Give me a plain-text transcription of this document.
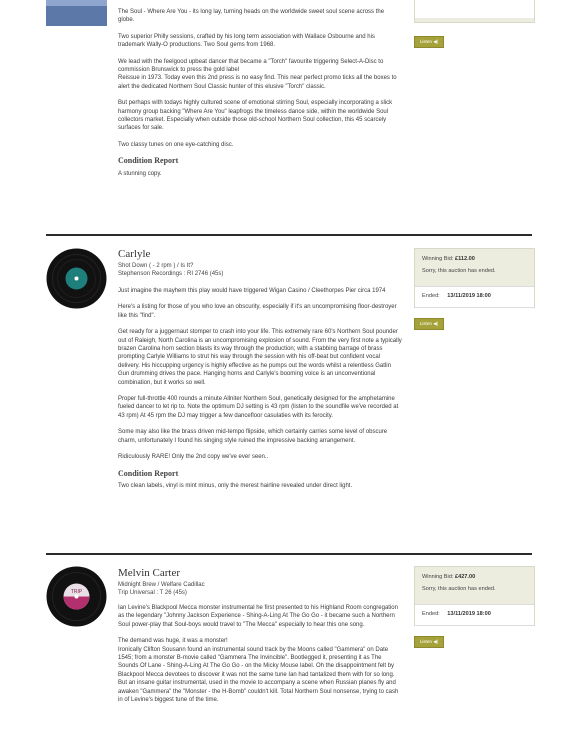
The Soul - Where Are You - its long lay, turning heads on the worldwide sweet soul scene across the globe.

Two superior Philly sessions, crafted by his long term association with Wallace Osbourne and his trademark Wally-O productions. Two Soul gems from 1968.

We lead with the feelgood upbeat dancer that became a "Torch" favourite triggering Select-A-Disc to commission Brunswick to press the gold label
Reissue in 1973. Today even this 2nd press is no easy find. This near perfect promo ticks all the boxes to alert the dedicated Northern Soul Classic hunter of this elusive "Torch" classic.

But perhaps with todays highly cultured scene of emotional stirring Soul, especially incorporating a slick harmony group backing "Where Are You" leapfrogs the timeless dance side, within the worldwide Soul collectors market. Especially when outside those old-school Northern Soul collection, this 45 scarcely surfaces for sale.

Two classy tunes on one eye-catching disc.

Condition Report

A stunning copy.

Listen ◀)
Carlyle
Shot Down ( - 2 rpm ) / Is It?
Stephenson Recordings : RI 2746 (45s)

Just imagine the mayhem this play would have triggered Wigan Casino / Cleethorpes Pier circa 1974

Here's a listing for those of you who love an obscurity, especially if it's an uncompromising floor-destroyer like this "find".

Get ready for a juggernaut stomper to crash into your life. This extremely rare 60's Northern Soul pounder out of Raleigh, North Carolina is an uncompromising explosion of sound. From the very first note a typically brazen Carolina horn section blasts its way through the production; with a stabbing barrage of brass prompting Carlyle Williams to strut his way through the session with his off-beat but confident vocal delivery. His hiccupping urgency is highly effective as he pumps out the words whilst a relentless Gatlin Gun drumming drives the pace. Hanging horns and Carlyle's booming voice is an unconventional combination, but it works so well.

Proper full-throttle 400 rounds a minute Allniter Northern Soul, genetically designed for the amphetamine fueled dancer to let rip to. Note the optimum DJ setting is 43 rpm (listen to the soundfile we've recorded at 43 rpm) At 45 rpm the DJ may trigger a few dancefloor casulaties with its ferocity.

Some may also like the brass driven mid-tempo flipside, which certainly carries some level of obscure charm, unfortunately I found his singing style ruined the impressive backing arrangement.

Ridiculously RARE! Only the 2nd copy we've ever seen..

Condition Report

Two clean labels, vinyl is mint minus, only the merest hairline revealed under direct light.

Winning Bid: £112.00
Sorry, this auction has ended.
Ended: 13/11/2019 18:00
Listen ◀)
TRIP
Melvin Carter
Midnight Brew / Welfare Cadillac
Trip Universal : T 26 (45s)

Ian Levine's Blackpool Mecca monster instrumental he first presented to his Highland Room congregation as the legendary "Johnny Jackson Experience - Shing-A-Ling At The Go Go - it became such a Northern Soul power-play that Soul-boys would travel to "The Mecca" especially to hear this one song.

The demand was huge, it was a monster!
Ironically Clifton Sousann found an instrumental sound track by the Moons called "Gammera" on Date 1545; from a monster B-movie called "Gammera The Invincible". Bootlegged it, presenting it as The Sounds Of Lane - Shing-A-Ling At The Go Go - on the Micky Mouse label. Oh the disappointment felt by Blackpool Mecca devotees to discover it was not the same tune Ian had tantalized them with for so long. But an insane guitar instrumental, used in the movie to accompany a scene when Russian planes fly and awaken "Gammera" the "Monster - the H-Bomb" couldn't kill. Total Northern Soul nonsense, trying to cash in of Levine's biggest tune of the time.

Winning Bid: £427.00
Sorry, this auction has ended.
Ended: 13/11/2019 18:00
Listen ◀)
